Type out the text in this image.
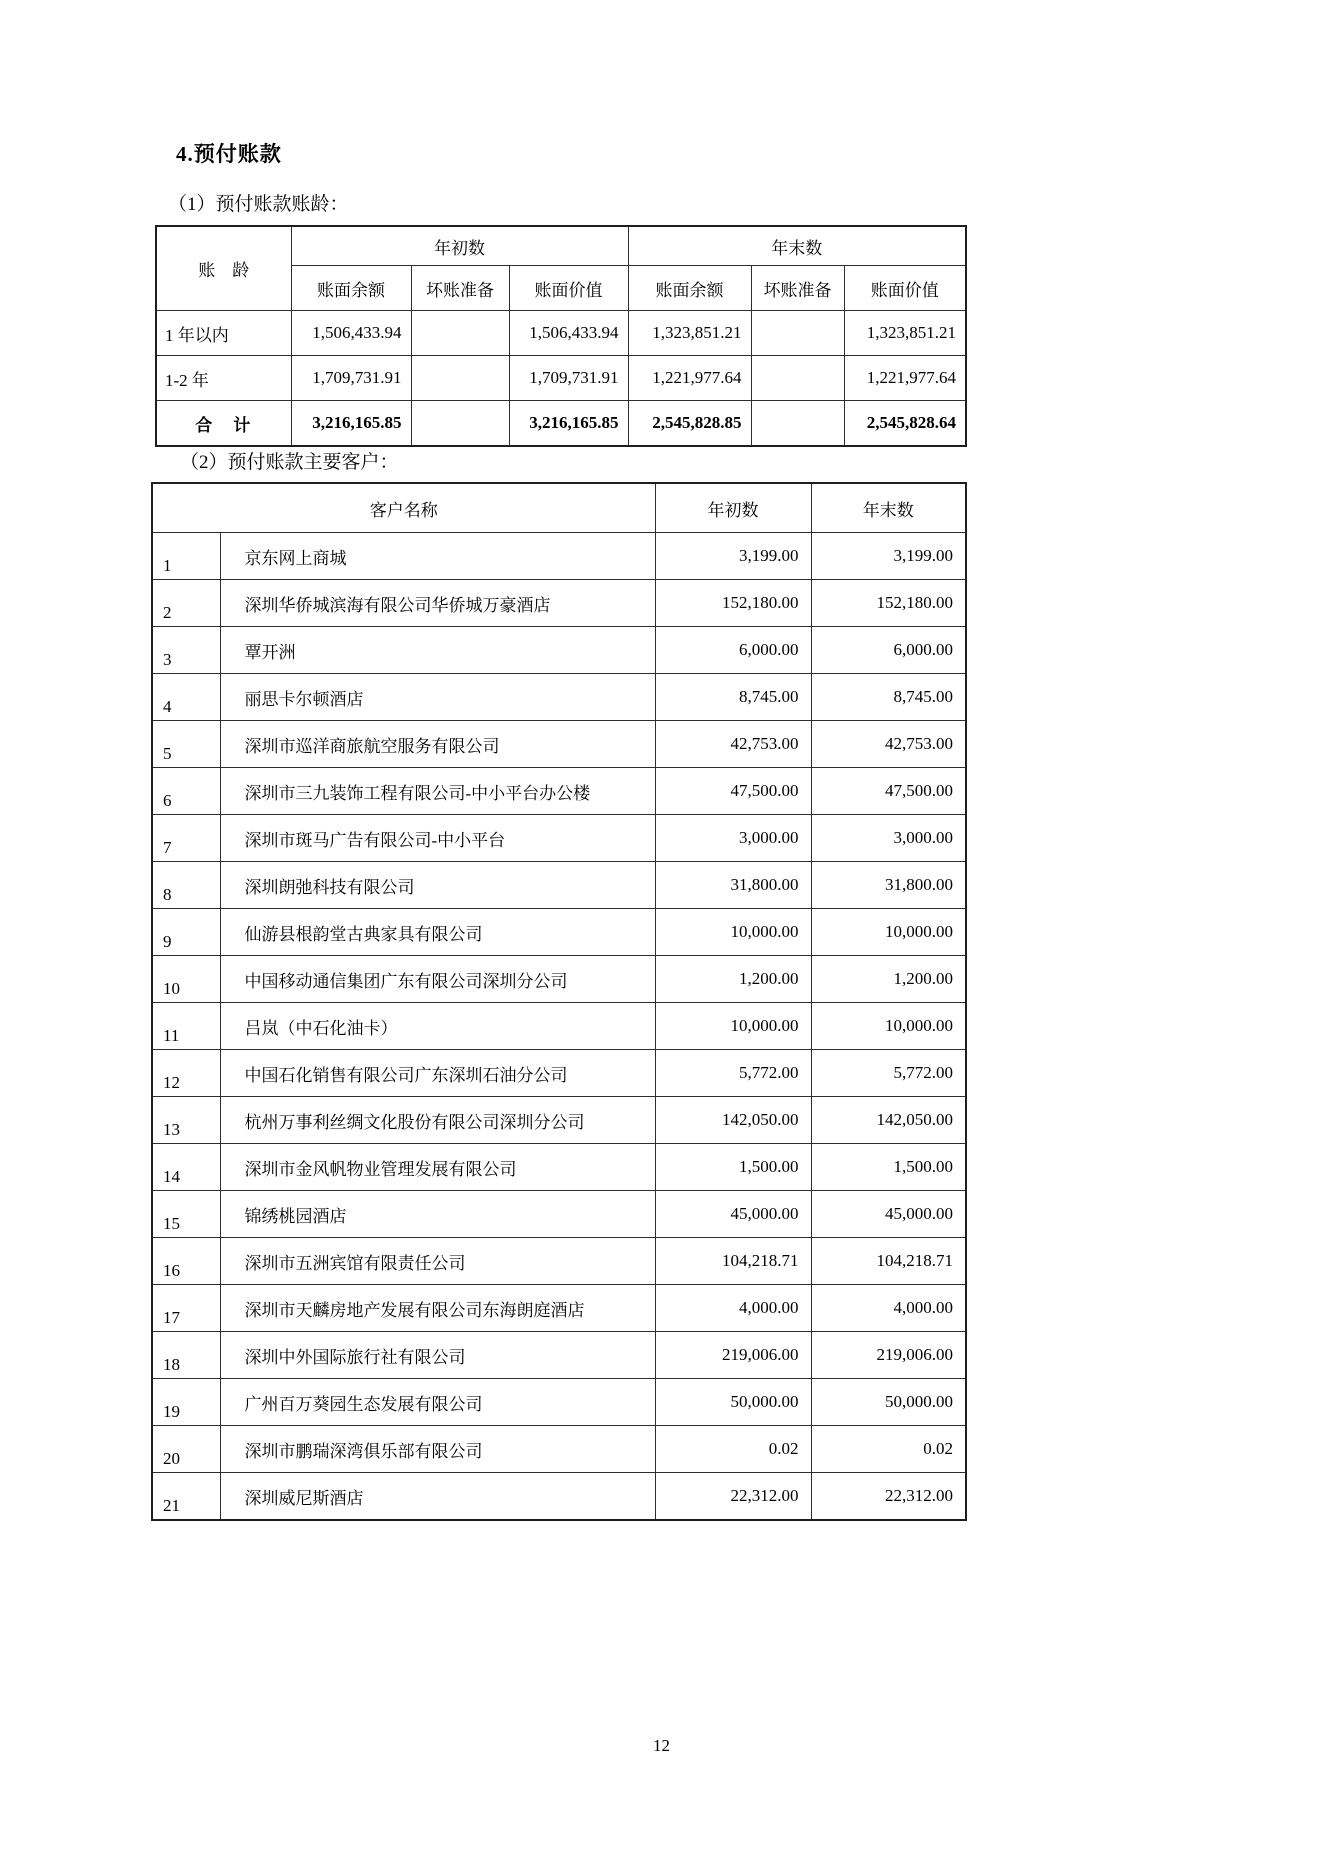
4.预付账款
（1）预付账款账龄：
账　龄	年初数			年末数		
	账面余额	坏账准备	账面价值	账面余额	坏账准备	账面价值
1 年以内	1,506,433.94		1,506,433.94	1,323,851.21		1,323,851.21
1-2 年	1,709,731.91		1,709,731.91	1,221,977.64		1,221,977.64
合　计	3,216,165.85		3,216,165.85	2,545,828.85		2,545,828.64
（2）预付账款主要客户：
客户名称		年初数	年末数
1	京东网上商城	3,199.00	3,199.00
2	深圳华侨城滨海有限公司华侨城万豪酒店	152,180.00	152,180.00
3	覃开洲	6,000.00	6,000.00
4	丽思卡尔顿酒店	8,745.00	8,745.00
5	深圳市巡洋商旅航空服务有限公司	42,753.00	42,753.00
6	深圳市三九装饰工程有限公司-中小平台办公楼	47,500.00	47,500.00
7	深圳市斑马广告有限公司-中小平台	3,000.00	3,000.00
8	深圳朗弛科技有限公司	31,800.00	31,800.00
9	仙游县根韵堂古典家具有限公司	10,000.00	10,000.00
10	中国移动通信集团广东有限公司深圳分公司	1,200.00	1,200.00
11	吕岚（中石化油卡）	10,000.00	10,000.00
12	中国石化销售有限公司广东深圳石油分公司	5,772.00	5,772.00
13	杭州万事利丝绸文化股份有限公司深圳分公司	142,050.00	142,050.00
14	深圳市金风帆物业管理发展有限公司	1,500.00	1,500.00
15	锦绣桃园酒店	45,000.00	45,000.00
16	深圳市五洲宾馆有限责任公司	104,218.71	104,218.71
17	深圳市天麟房地产发展有限公司东海朗庭酒店	4,000.00	4,000.00
18	深圳中外国际旅行社有限公司	219,006.00	219,006.00
19	广州百万葵园生态发展有限公司	50,000.00	50,000.00
20	深圳市鹏瑞深湾俱乐部有限公司	0.02	0.02
21	深圳威尼斯酒店	22,312.00	22,312.00
12
